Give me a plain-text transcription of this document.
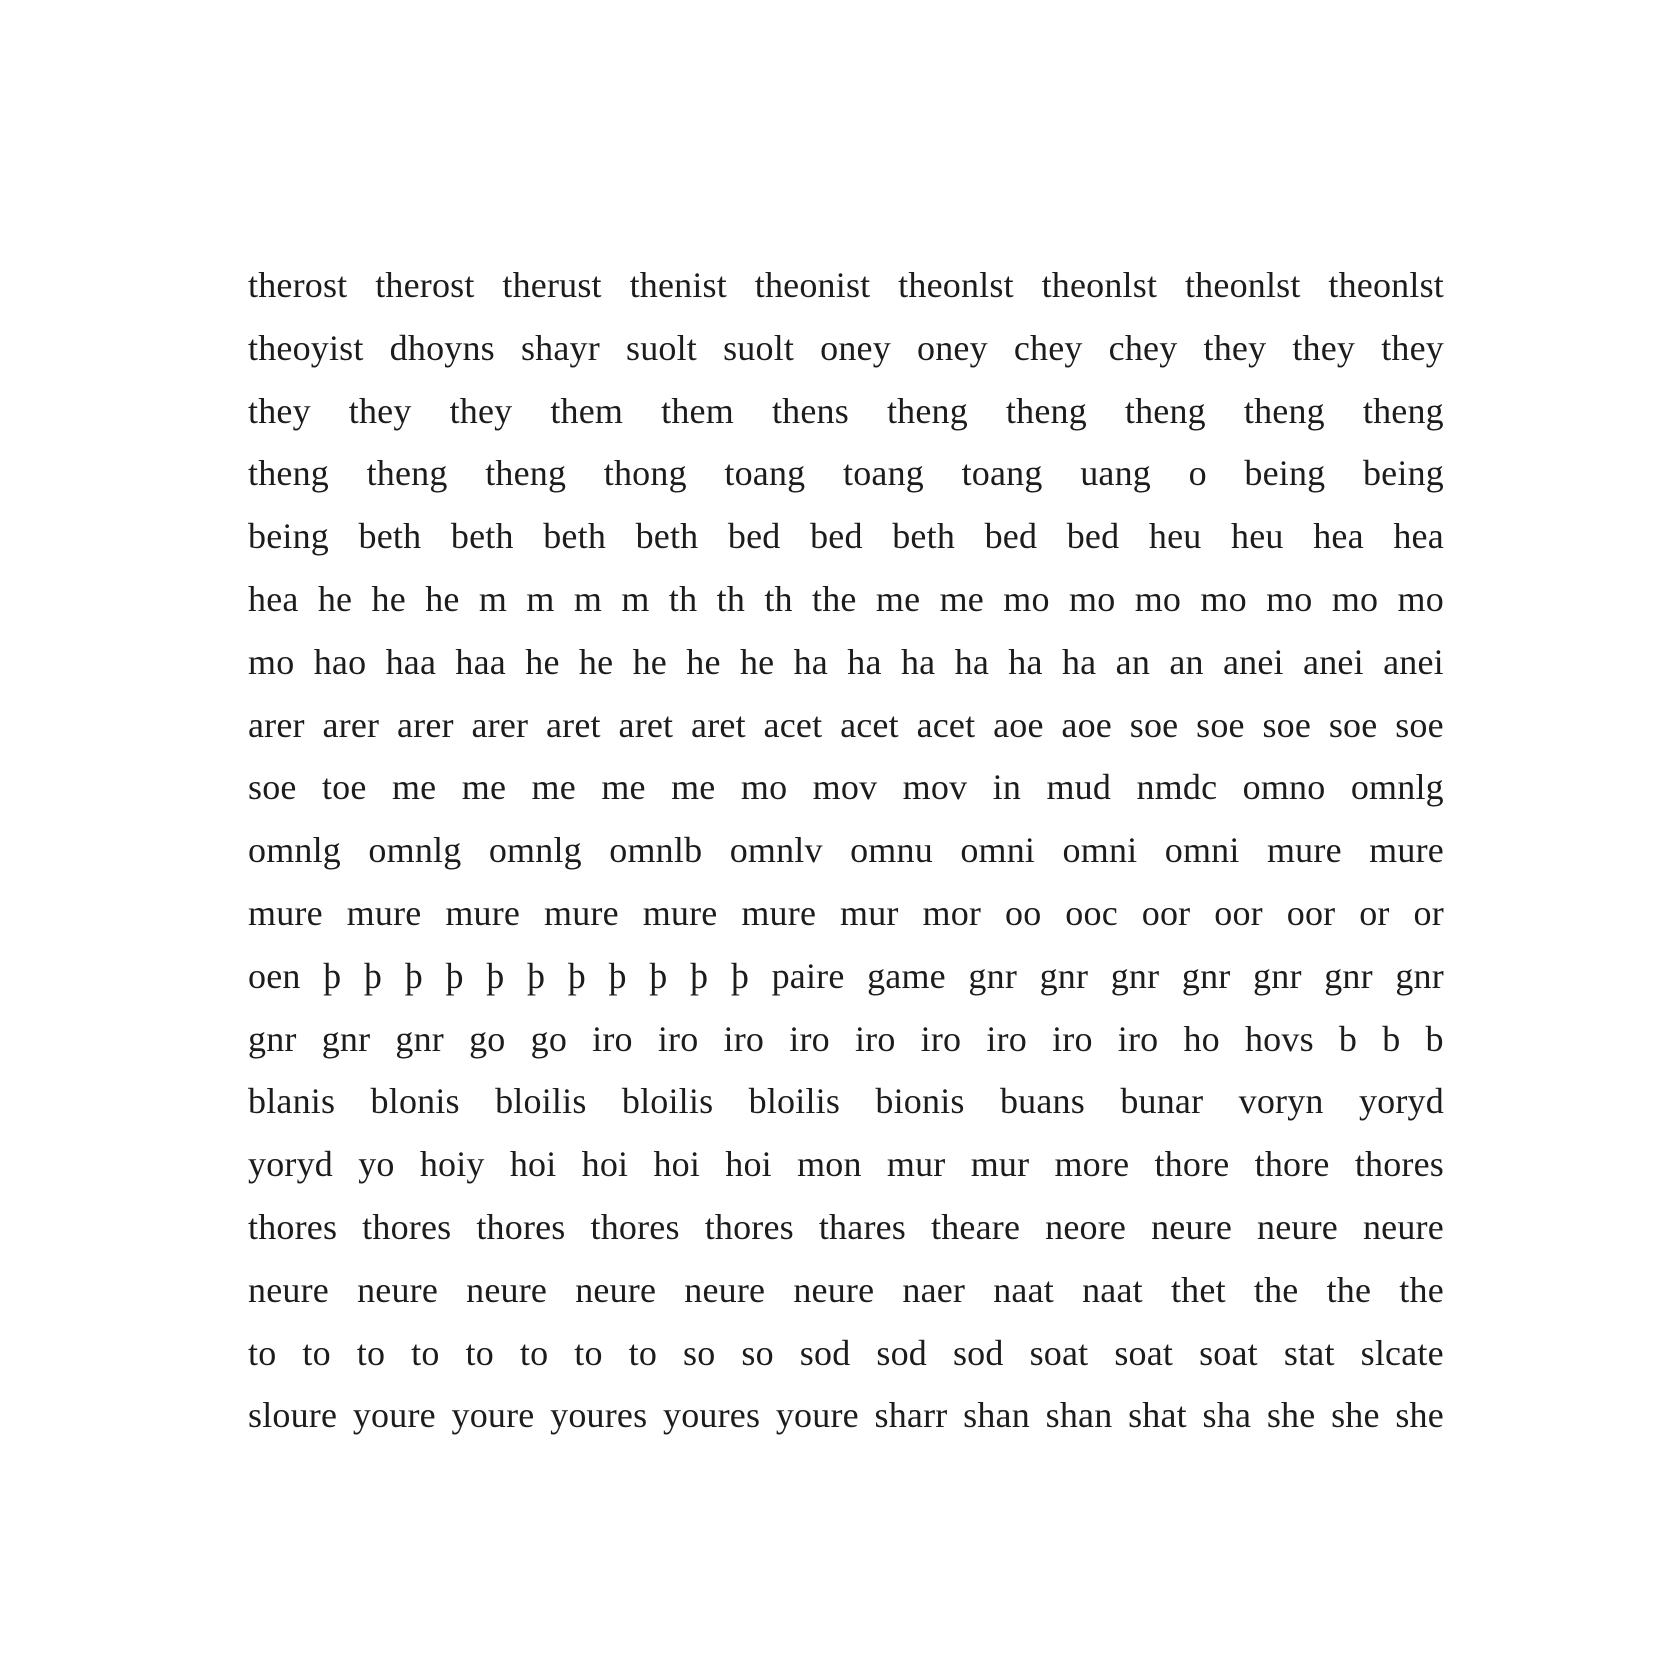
therost therost therust thenist theonist theonlst theonlst theonlst theonlst
theoyist dhoyns shayr suolt suolt oney oney chey chey they they they
they they they them them thens theng theng theng theng theng
theng theng theng thong toang toang toang uang o being being
being beth beth beth beth bed bed beth bed bed heu heu hea hea
hea he he he m m m m th th th the me me mo mo mo mo mo mo mo
mo hao haa haa he he he he he ha ha ha ha ha ha an an anei anei anei
arer arer arer arer aret aret aret acet acet acet aoe aoe soe soe soe soe soe
soe toe me me me me me mo mov mov in mud nmdc omno omnlg
omnlg omnlg omnlg omnlb omnlv omnu omni omni omni mure mure
mure mure mure mure mure mure mur mor oo ooc oor oor oor or or
oen þ þ þ þ þ þ þ þ þ þ þ paire game gnr gnr gnr gnr gnr gnr gnr
gnr gnr gnr go go iro iro iro iro iro iro iro iro iro ho hovs b b b
blanis blonis bloilis bloilis bloilis bionis buans bunar voryn yoryd
yoryd yo hoiy hoi hoi hoi hoi mon mur mur more thore thore thores
thores thores thores thores thores thares theare neore neure neure neure
neure neure neure neure neure neure naer naat naat thet the the the
to to to to to to to to so so sod sod sod soat soat soat stat slcate
sloure youre youre youres youres youre sharr shan shan shat sha she she she
